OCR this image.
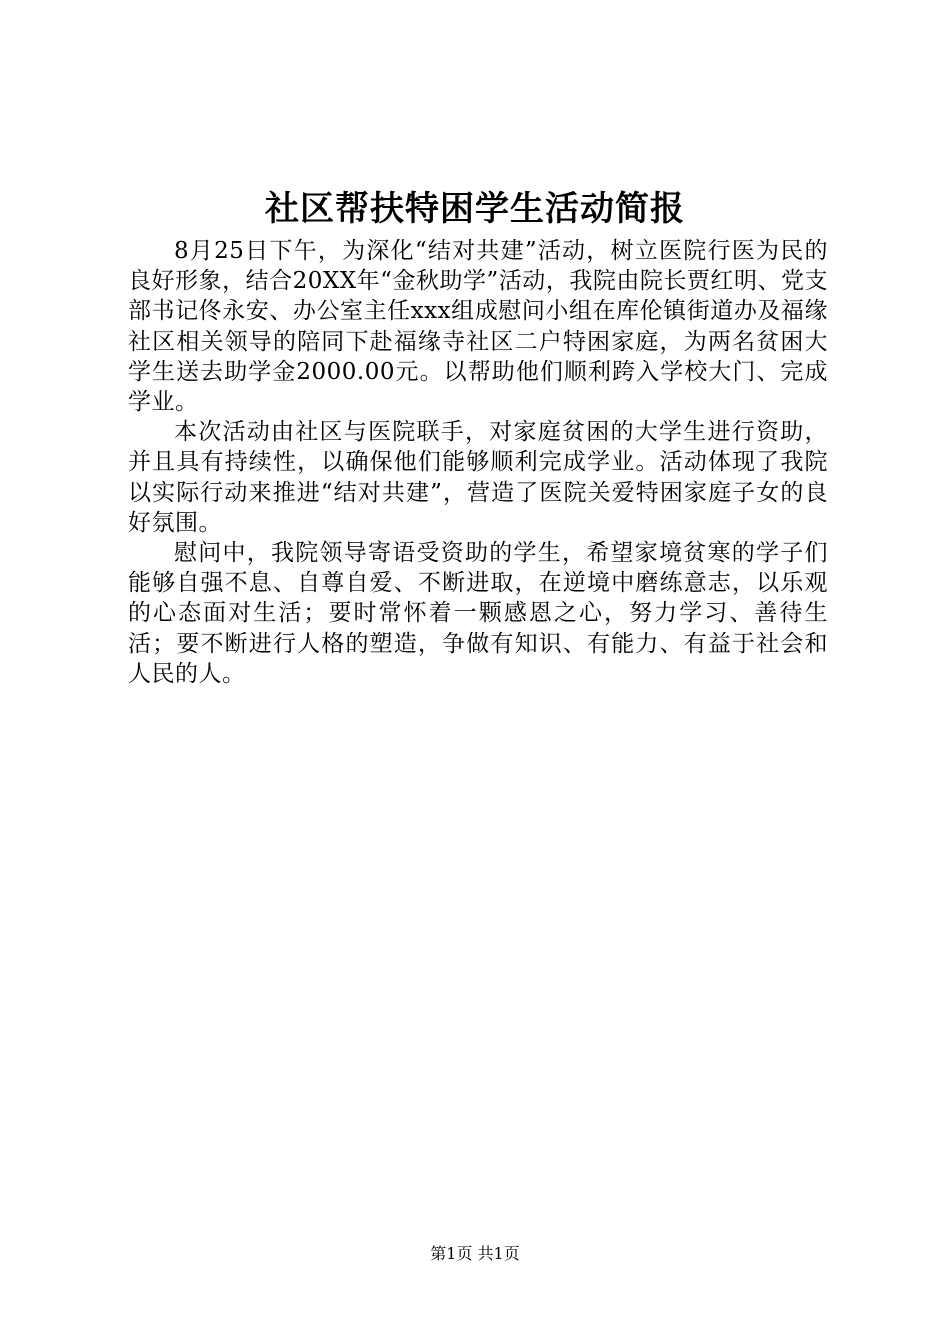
社区帮扶特困学生活动简报

8月25日下午，为深化“结对共建”活动，树立医院行医为民的良好形象，结合20XX年“金秋助学”活动，我院由院长贾红明、党支部书记佟永安、办公室主任xxx组成慰问小组在库伦镇街道办及福缘社区相关领导的陪同下赴福缘寺社区二户特困家庭，为两名贫困大学生送去助学金2000.00元。以帮助他们顺利跨入学校大门、完成学业。

本次活动由社区与医院联手，对家庭贫困的大学生进行资助，并且具有持续性，以确保他们能够顺利完成学业。活动体现了我院以实际行动来推进“结对共建”，营造了医院关爱特困家庭子女的良好氛围。

慰问中，我院领导寄语受资助的学生，希望家境贫寒的学子们能够自强不息、自尊自爱、不断进取，在逆境中磨练意志，以乐观的心态面对生活；要时常怀着一颗感恩之心，努力学习、善待生活；要不断进行人格的塑造，争做有知识、有能力、有益于社会和人民的人。

第1页 共1页
